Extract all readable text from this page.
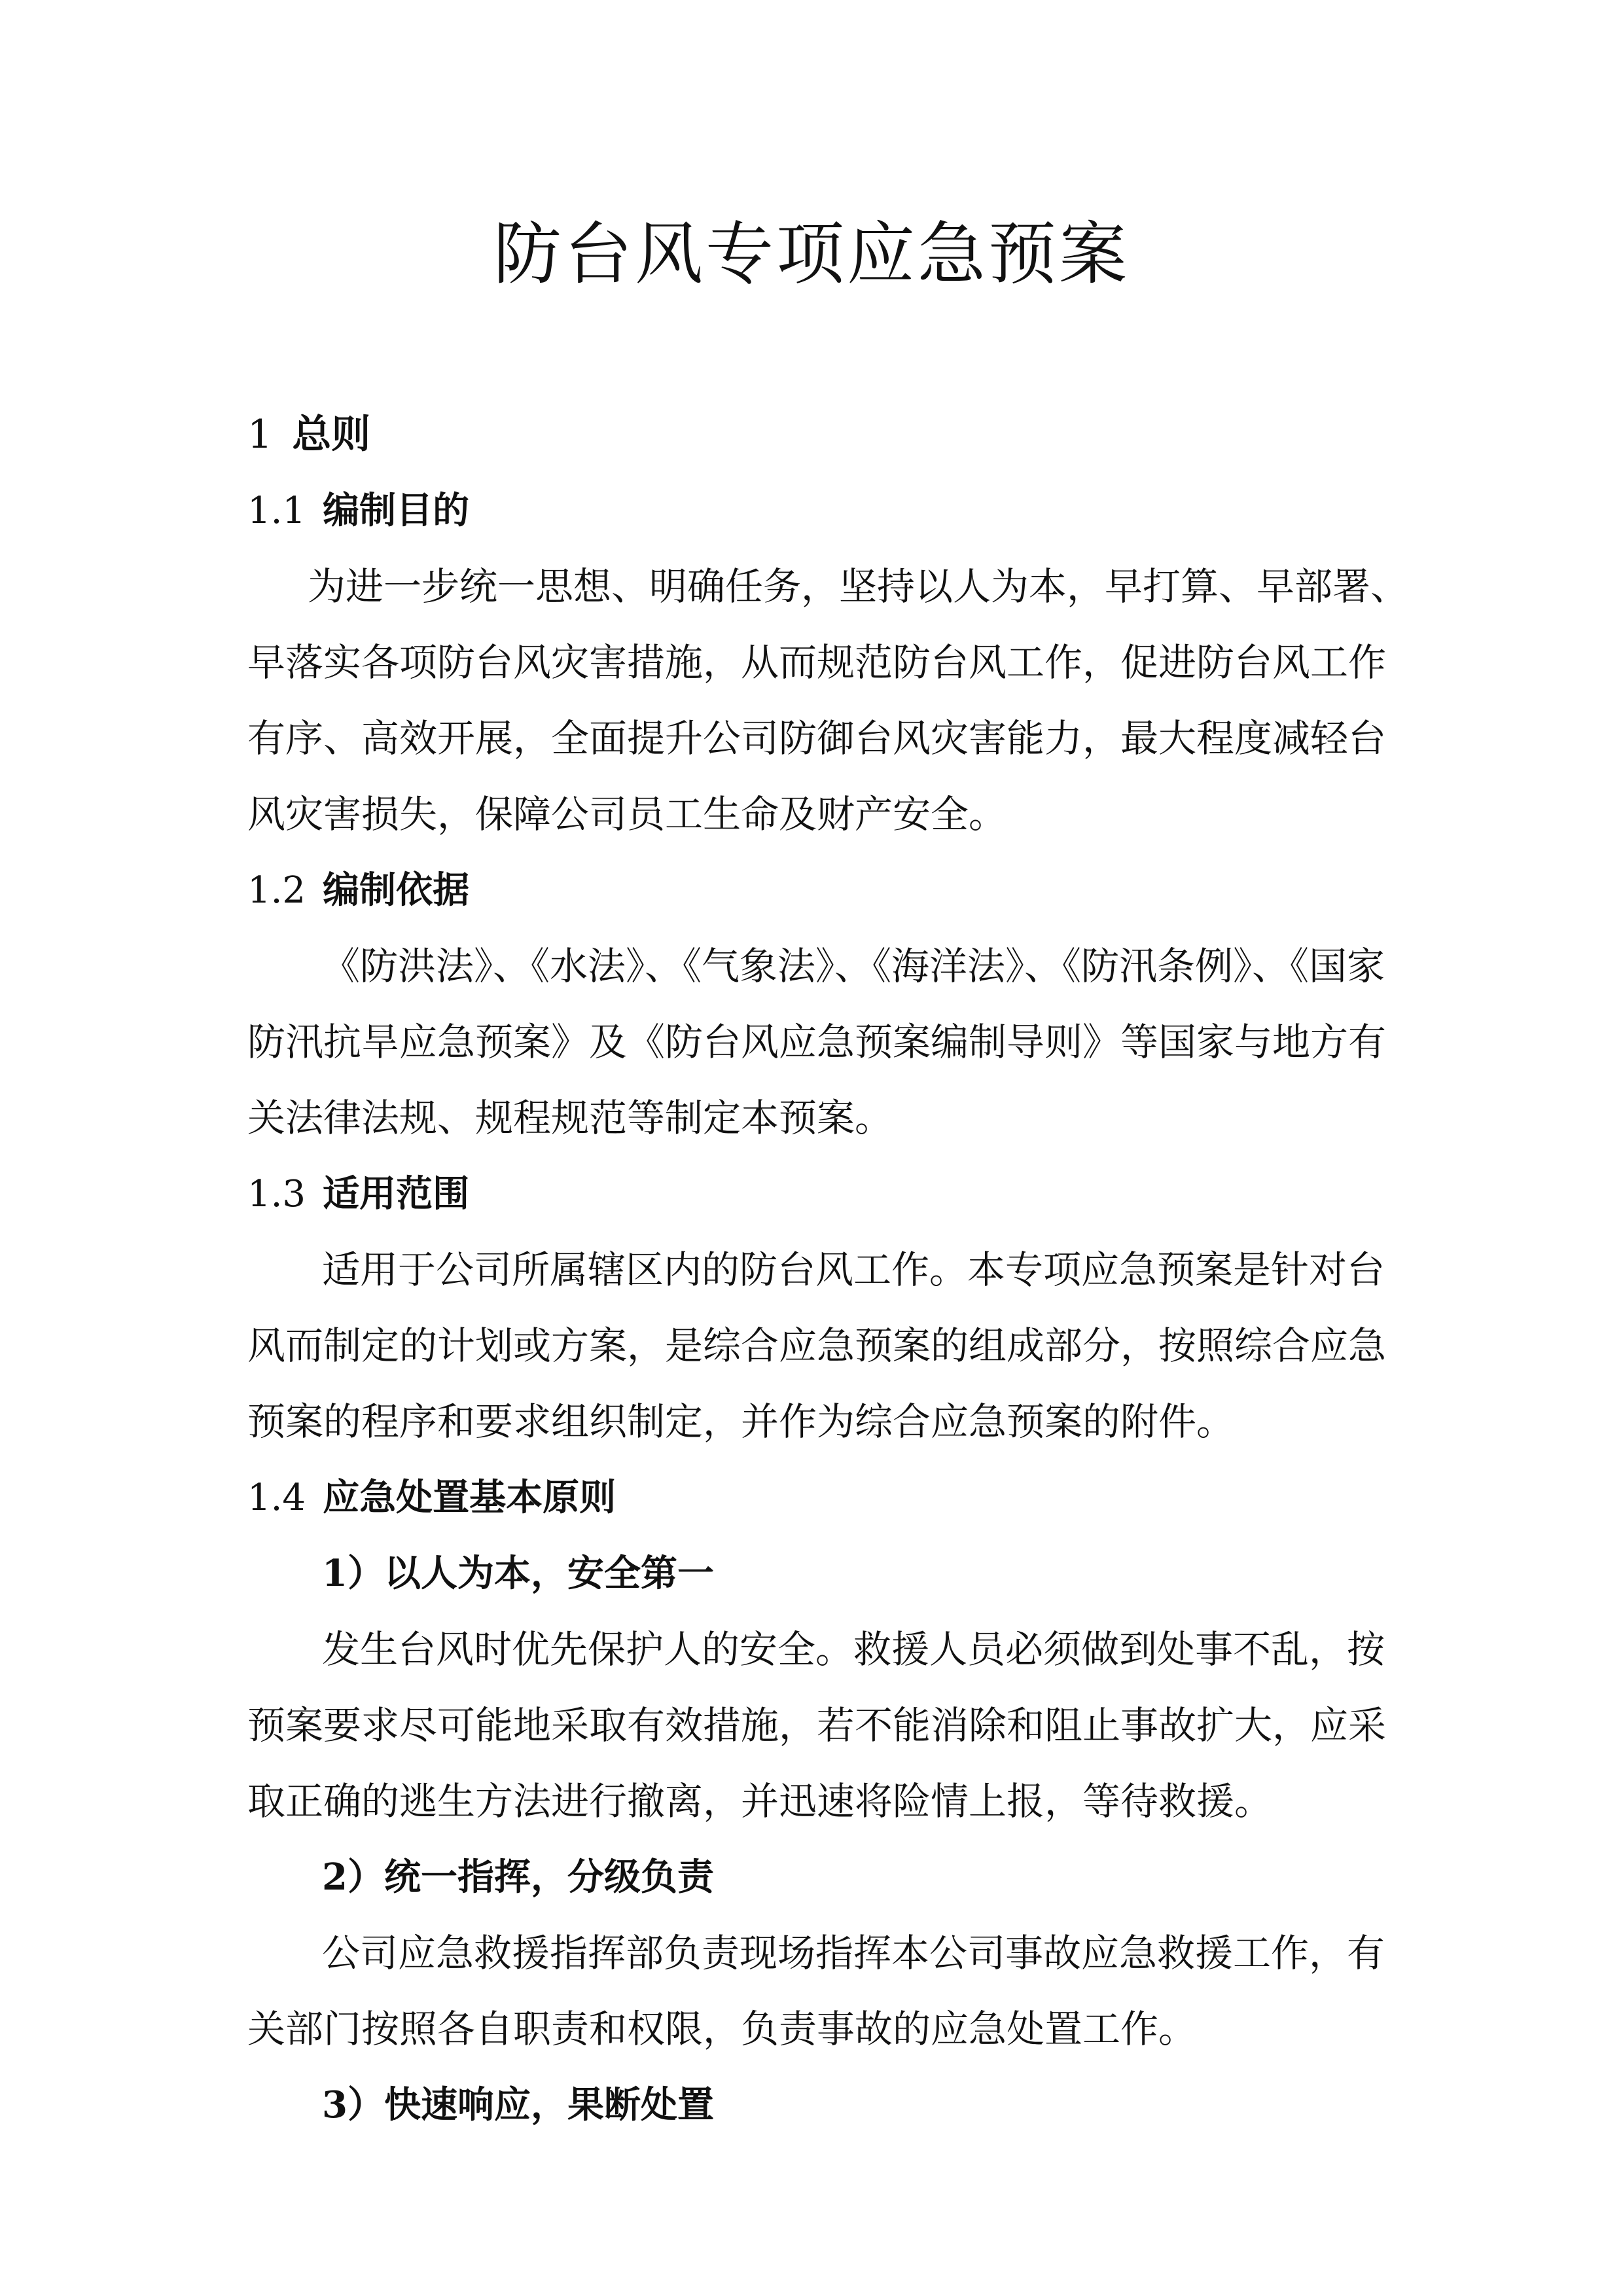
防台风专项应急预案
1 总则
1.1 编制目的
为进一步统一思想、明确任务，坚持以人为本，早打算、早部署、
早落实各项防台风灾害措施，从而规范防台风工作，促进防台风工作
有序、高效开展，全面提升公司防御台风灾害能力，最大程度减轻台
风灾害损失，保障公司员工生命及财产安全。
1.2 编制依据
《防洪法》、《水法》、《气象法》、《海洋法》、《防汛条例》、《国家
防汛抗旱应急预案》及《防台风应急预案编制导则》等国家与地方有
关法律法规、规程规范等制定本预案。
1.3 适用范围
适用于公司所属辖区内的防台风工作。本专项应急预案是针对台
风而制定的计划或方案，是综合应急预案的组成部分，按照综合应急
预案的程序和要求组织制定，并作为综合应急预案的附件。
1.4 应急处置基本原则
1）以人为本，安全第一
发生台风时优先保护人的安全。救援人员必须做到处事不乱，按
预案要求尽可能地采取有效措施，若不能消除和阻止事故扩大，应采
取正确的逃生方法进行撤离，并迅速将险情上报，等待救援。
2）统一指挥，分级负责
公司应急救援指挥部负责现场指挥本公司事故应急救援工作，有
关部门按照各自职责和权限，负责事故的应急处置工作。
3）快速响应，果断处置
